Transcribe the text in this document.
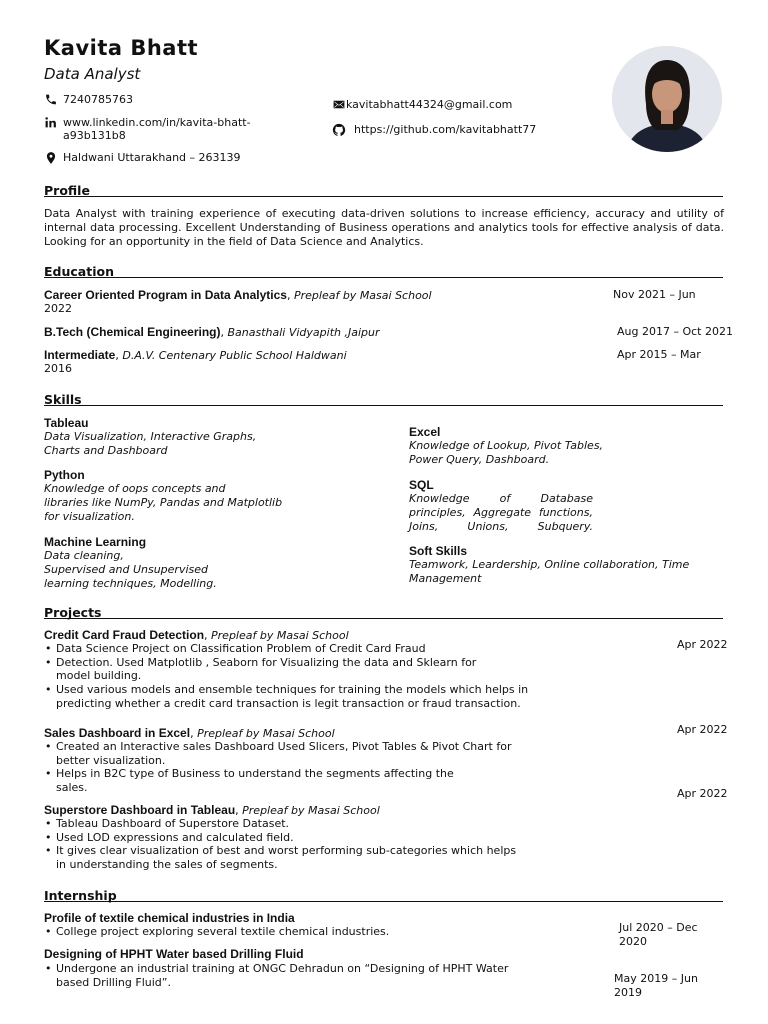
Kavita Bhatt
Data Analyst
7240785763
www.linkedin.com/in/kavita-bhatt-
a93b131b8
Haldwani Uttarakhand – 263139
kavitabhatt44324@gmail.com
https://github.com/kavitabhatt77
Profile
Data Analyst with training experience of executing data-driven solutions to increase efficiency, accuracy and utility of internal data processing. Excellent Understanding of Business operations and analytics tools for effective analysis of data. Looking for an opportunity in the field of Data Science and Analytics.
Education
Career Oriented Program in Data Analytics, Prepleaf by Masai School	Nov 2021 – Jun
2022
B.Tech (Chemical Engineering), Banasthali Vidyapith ,Jaipur	Aug 2017 – Oct 2021
Intermediate, D.A.V. Centenary Public School Haldwani	Apr 2015 – Mar
2016
Skills
Tableau
Data Visualization, Interactive Graphs,
Charts and Dashboard
Python
Knowledge of oops concepts and
libraries like NumPy, Pandas and Matplotlib
for visualization.
Machine Learning
Data cleaning,
Supervised and Unsupervised
learning techniques, Modelling.
Excel
Knowledge of Lookup, Pivot Tables,
Power Query, Dashboard.
SQL
Knowledge of Database principles, Aggregate functions, Joins, Unions, Subquery.
Soft Skills
Teamwork, Leardership, Online collaboration, Time
Management
Projects
Credit Card Fraud Detection, Prepleaf by Masai School
Apr 2022
• Data Science Project on Classification Problem of Credit Card Fraud
• Detection. Used Matplotlib , Seaborn for Visualizing the data and Sklearn for
model building.
• Used various models and ensemble techniques for training the models which helps in
predicting whether a credit card transaction is legit transaction or fraud transaction.
Sales Dashboard in Excel, Prepleaf by Masai School	Apr 2022
• Created an Interactive sales Dashboard Used Slicers, Pivot Tables & Pivot Chart for
better visualization.
• Helps in B2C type of Business to understand the segments affecting the
sales.
Superstore Dashboard in Tableau, Prepleaf by Masai School
Apr 2022
• Tableau Dashboard of Superstore Dataset.
• Used LOD expressions and calculated field.
• It gives clear visualization of best and worst performing sub-categories which helps
in understanding the sales of segments.
Internship
Profile of textile chemical industries in India
• College project exploring several textile chemical industries.	Jul 2020 – Dec
2020
Designing of HPHT Water based Drilling Fluid
• Undergone an industrial training at ONGC Dehradun on “Designing of HPHT Water
based Drilling Fluid”.	May 2019 – Jun
2019
